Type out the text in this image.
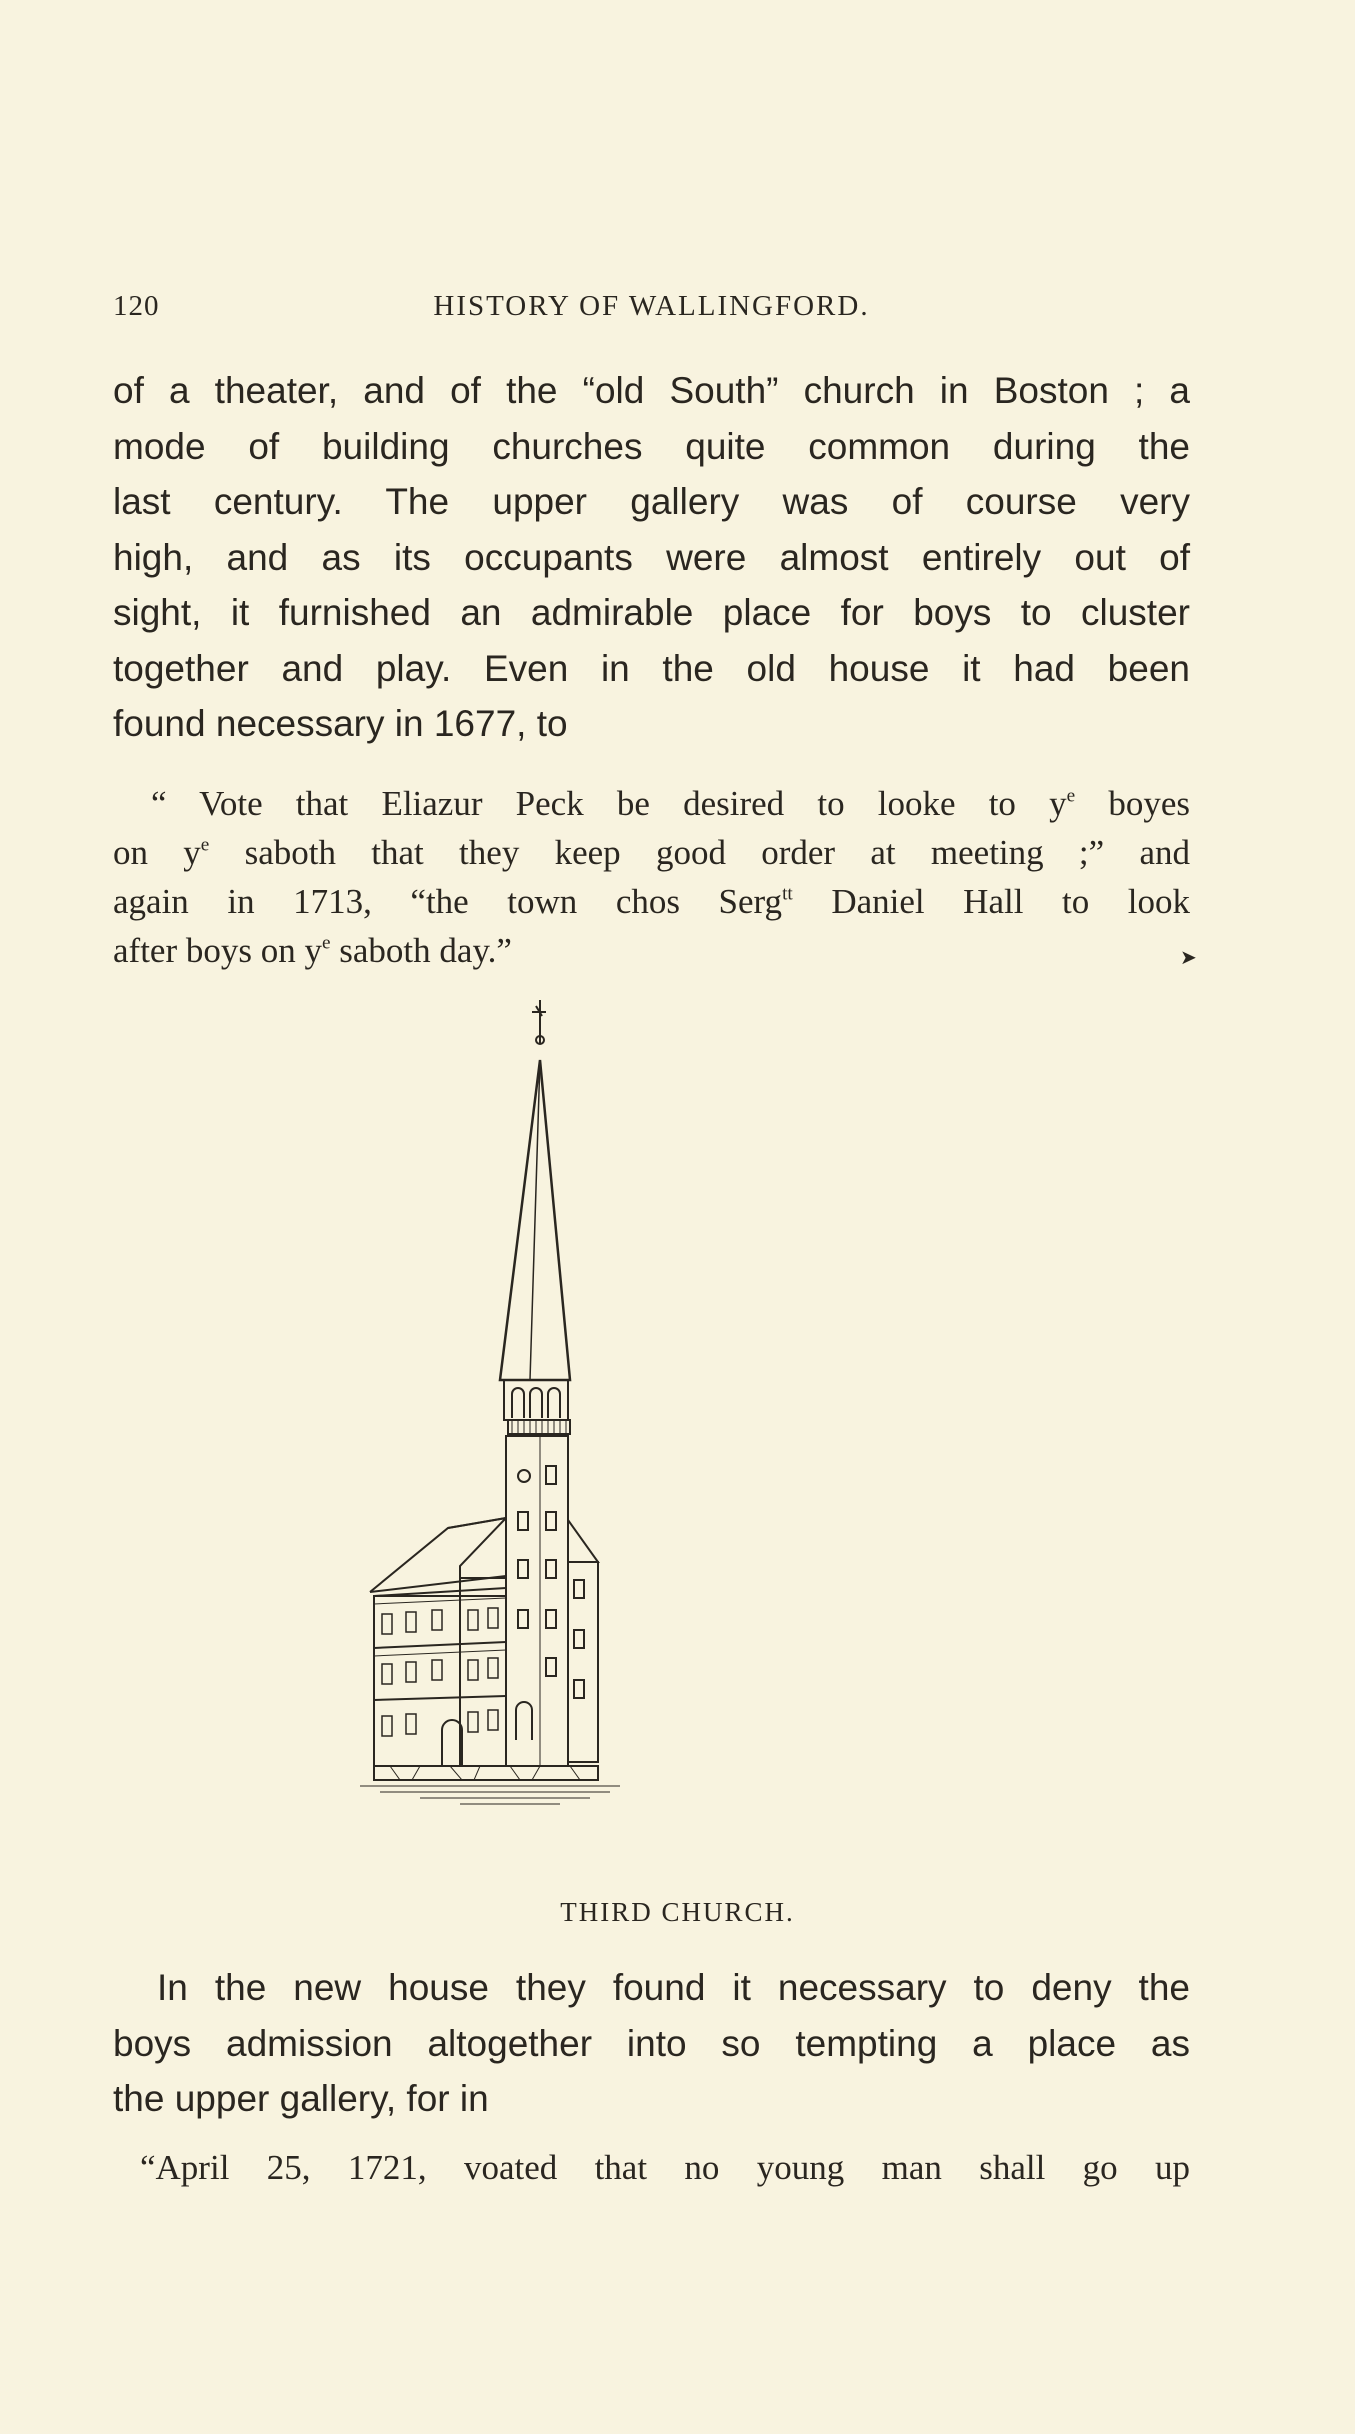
120	HISTORY OF WALLINGFORD.
of a theater, and of the “old South” church in Boston ; a
mode of building churches quite common during the
last century. The upper gallery was of course very
high, and as its occupants were almost entirely out of
sight, it furnished an admirable place for boys to cluster
together and play. Even in the old house it had been
found necessary in 1677, to
“ Vote that Eliazur Peck be desired to looke to $y^e$ boyes
on $y^e$ saboth that they keep good order at meeting ;” and
again in 1713, “the town chos Serg$^{tt}$ Daniel Hall to look
after boys on $y^e$ saboth day.”	➤
THIRD CHURCH.
In the new house they found it necessary to deny the
boys admission altogether into so tempting a place as
the upper gallery, for in
“April 25, 1721, voated that no young man shall go up
